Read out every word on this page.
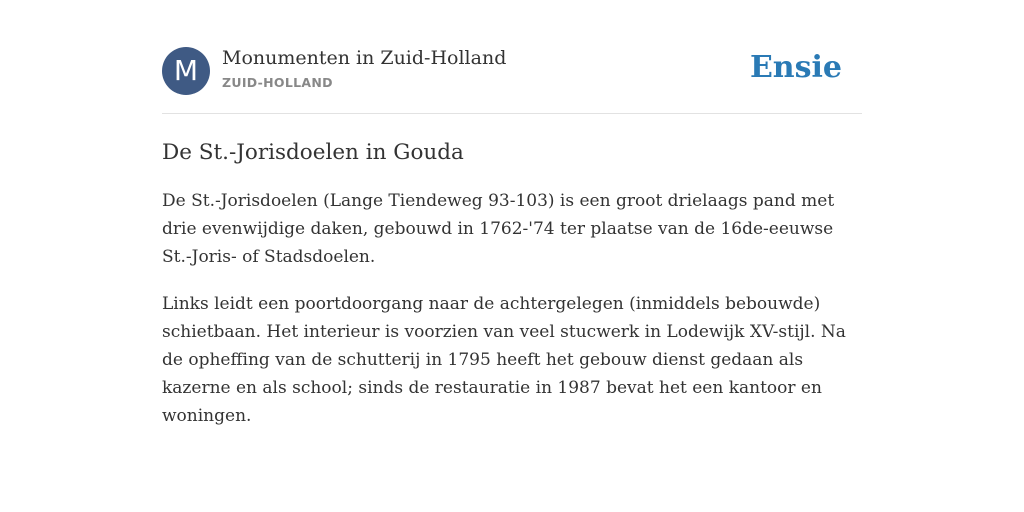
M	Monumenten in Zuid-Holland
ZUID-HOLLAND	Ensie
De St.-Jorisdoelen in Gouda

De St.-Jorisdoelen (Lange Tiendeweg 93-103) is een groot drielaags pand met drie evenwijdige daken, gebouwd in 1762-'74 ter plaatse van de 16de-eeuwse St.-Joris- of Stadsdoelen.

Links leidt een poortdoorgang naar de achtergelegen (inmiddels bebouwde) schietbaan. Het interieur is voorzien van veel stucwerk in Lodewijk XV-stijl. Na de opheffing van de schutterij in 1795 heeft het gebouw dienst gedaan als kazerne en als school; sinds de restauratie in 1987 bevat het een kantoor en woningen.
